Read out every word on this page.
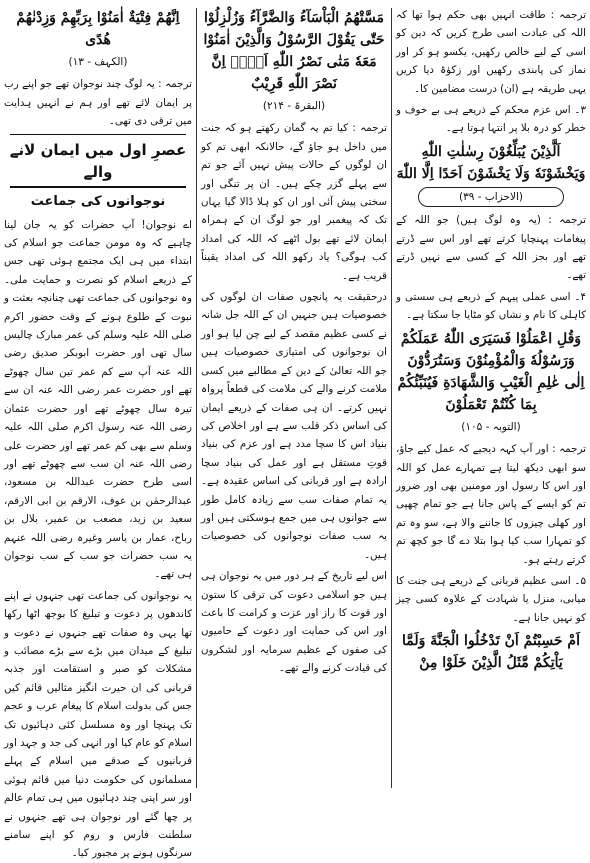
ترجمہ : طاقت انہیں بھی حکم ہوا تھا کہ اللہ کی عبادت اسی طرح کریں کہ دین کو اسی کے لیے خالص رکھیں، یکسو ہو کر اور نماز کی پابندی رکھیں اور زکوٰۃ دیا کریں یہی طریقہ ہے (ان) درست مضامین کا۔

۳۔ اس عزم محکم کے ذریعے ہی بے خوف و خطر کو درہ بلا پر انتہا ہوتا ہے۔

اَلَّذِیْنَ یُبَلِّغُوْنَ رِسٰلٰتِ اللّٰهِ وَیَخْشَوْنَهٗ وَلَا یَخْشَوْنَ اَحَدًا اِلَّا اللّٰهَ
(الاحزاب - ۳۹)

ترجمہ : (یہ وہ لوگ ہیں) جو اللہ کے پیغامات پہنچایا کرتے تھے اور اس سے ڈرتے تھے اور بجز اللہ کے کسی سے نہیں ڈرتے تھے۔

۴۔ اسی عملی پیہم کے ذریعے ہی سستی و کاہلی کا نام و نشاں کو مٹایا جا سکتا ہے۔

وَقُلِ اعْمَلُوْا فَسَیَرَى اللّٰهُ عَمَلَكُمْ وَرَسُوْلُهٗ وَالْمُؤْمِنُوْنَ وَسَتُرَدُّوْنَ اِلٰى عٰلِمِ الْغَیْبِ وَالشَّهَادَةِ فَیُنَبِّئُكُمْ بِمَا كُنْتُمْ تَعْمَلُوْنَ
(التوبہ - ۱۰۵)

ترجمہ : اور آپ کہہ دیجیے کہ عمل کیے جاؤ، سو ابھی دیکھ لیتا ہے تمہارے عمل کو اللہ اور اس کا رسول اور مومنین بھی اور ضرور تم کو ایسے کے پاس جانا ہے جو تمام چھپی اور کھلی چیزوں کا جاننے والا ہے، سو وہ تم کو تمہارا سب کیا ہوا بتلا دے گا جو کچھ تم کرتے رہتے ہو۔

۵۔ اسی عظیم قربانی کے ذریعے ہی جنت کا میابی، منزل یا شہادت کے علاوہ کسی چیز کو نہیں جانا ہے۔

اَمْ حَسِبْتُمْ اَنْ تَدْخُلُوا الْجَنَّةَ وَلَمَّا یَاْتِكُمْ مَّثَلُ الَّذِیْنَ خَلَوْا مِنْ
مَسَّتْهُمُ الْبَاْسَآءُ وَالضَّرَّآءُ وَزُلْزِلُوْا حَتّٰى یَقُوْلَ الرَّسُوْلُ وَالَّذِیْنَ اٰمَنُوْا مَعَهٗ مَتٰى نَصْرُ اللّٰهِ اَلَاۤ اِنَّ نَصْرَ اللّٰهِ قَرِیْبٌ
(البقرۃ - ۲۱۴)

ترجمہ : کیا تم یہ گمان رکھتے ہو کہ جنت میں داخل ہو جاؤ گے، حالانکہ ابھی تم کو ان لوگوں کے حالات پیش نہیں آئے جو تم سے پہلے گزر چکے ہیں۔ ان پر تنگی اور سختی پیش آئی اور ان کو ہلا ڈالا گیا یہاں تک کہ پیغمبر اور جو لوگ ان کے ہمراہ ایمان لائے تھے بول اٹھے کہ اللہ کی امداد کب ہوگی؟ یاد رکھو اللہ کی امداد یقیناً قریب ہے۔

درحقیقت یہ پانچوں صفات ان لوگوں کی خصوصیات ہیں جنہیں ان کے اللہ جل شانہ نے کسی عظیم مقصد کے لیے چن لیا ہو اور ان نوجوانوں کی امتیازی خصوصیات ہیں جو اللہ تعالیٰ کے دین کے مطالبے میں کسی ملامت کرنے والے کی ملامت کی قطعاً پرواہ نہیں کرتے۔ ان ہی صفات کے ذریعے ایمان کی اساس ذکر قلب سے ہے اور اخلاص کی بنیاد اس کا سچا مدد ہے اور عزم کی بنیاد قوتِ مستقل ہے اور عمل کی بنیاد سچا ارادہ ہے اور قربانی کی اساس عقیدہ ہے۔ یہ تمام صفات سب سے زیادہ کامل طور سے جوانوں ہی میں جمع ہوسکتی ہیں اور یہ سب صفات نوجوانوں کی خصوصیات ہیں۔

اس لیے تاریخ کے ہر دور میں یہ نوجوان ہی ہیں جو اسلامی دعوت کی ترقی کا ستون اور قوت کا راز اور عزت و کرامت کا باعث اور اس کی حمایت اور دعوت کے حامیوں کی صفوں کے عظیم سرمایہ اور لشکروں کی قیادت کرنے والے تھے۔

اِنَّهُمْ فِتْیَةٌ اٰمَنُوْا بِرَبِّهِمْ وَزِدْنٰهُمْ هُدًى
(الکہف - ۱۳)

ترجمہ : یہ لوگ چند نوجوان تھے جو اپنے رب پر ایمان لائے تھے اور ہم نے انہیں ہدایت میں ترقی دی تھی۔

عصرِ اول میں ایمان لانے والے
نوجوانوں کی جماعت

اے نوجوان! آپ حضرات کو یہ جان لینا چاہیے کہ وہ مومن جماعت جو اسلام کی ابتداء میں ہی ایک مجتمع ہوئی تھی جس کے ذریعے اسلام کو نصرت و حمایت ملی۔ وہ نوجوانوں کی جماعت تھی چنانچہ بعثت و نبوت کے طلوع ہونے کے وقت حضور اکرم صلی اللہ علیہ وسلم کی عمر مبارک چالیس سال تھی اور حضرت ابوبکر صدیق رضی اللہ عنہ آپ سے کم عمر تین سال چھوٹے تھے اور حضرت عمر رضی اللہ عنہ ان سے تیرہ سال چھوٹے تھے اور حضرت عثمان رضی اللہ عنہ رسول اکرم صلی اللہ علیہ وسلم سے بھی کم عمر تھے اور حضرت علی رضی اللہ عنہ ان سب سے چھوٹے تھے اور اسی طرح حضرت عبداللہ بن مسعود، عبدالرحمٰن بن عوف، الارقم بن ابی الارقم، سعید بن زید، مصعب بن عمیر، بلال بن رباح، عمار بن یاسر وغیرہ رضی اللہ عنہم یہ سب حضرات جو سب کے سب نوجوان ہی تھے۔

یہ نوجوانوں کی جماعت تھی جنہوں نے اپنے کاندھوں پر دعوت و تبلیغ کا بوجھ اٹھا رکھا تھا یہی وہ صفات تھے جنہوں نے دعوت و تبلیغ کے میدان میں بڑے سے بڑے مصائب و مشکلات کو صبر و استقامت اور جذبہ قربانی کی ان حیرت انگیز مثالیں قائم کیں جس کی بدولت اسلام کا پیغام عرب و عجم تک پہنچا اور وہ مسلسل کئی دہائیوں تک اسلام کو عام کیا اور انہی کی جد و جہد اور قربانیوں کے صدقے میں اسلام کے پہلے مسلمانوں کی حکومت دنیا میں قائم ہوئی اور سر اپنی چند دہائیوں میں ہی تمام عالم پر چھا گئے اور نوجوان ہی تھے جنہوں نے سلطنت فارس و روم کو اپنے سامنے سرنگوں ہونے پر مجبور کیا۔
